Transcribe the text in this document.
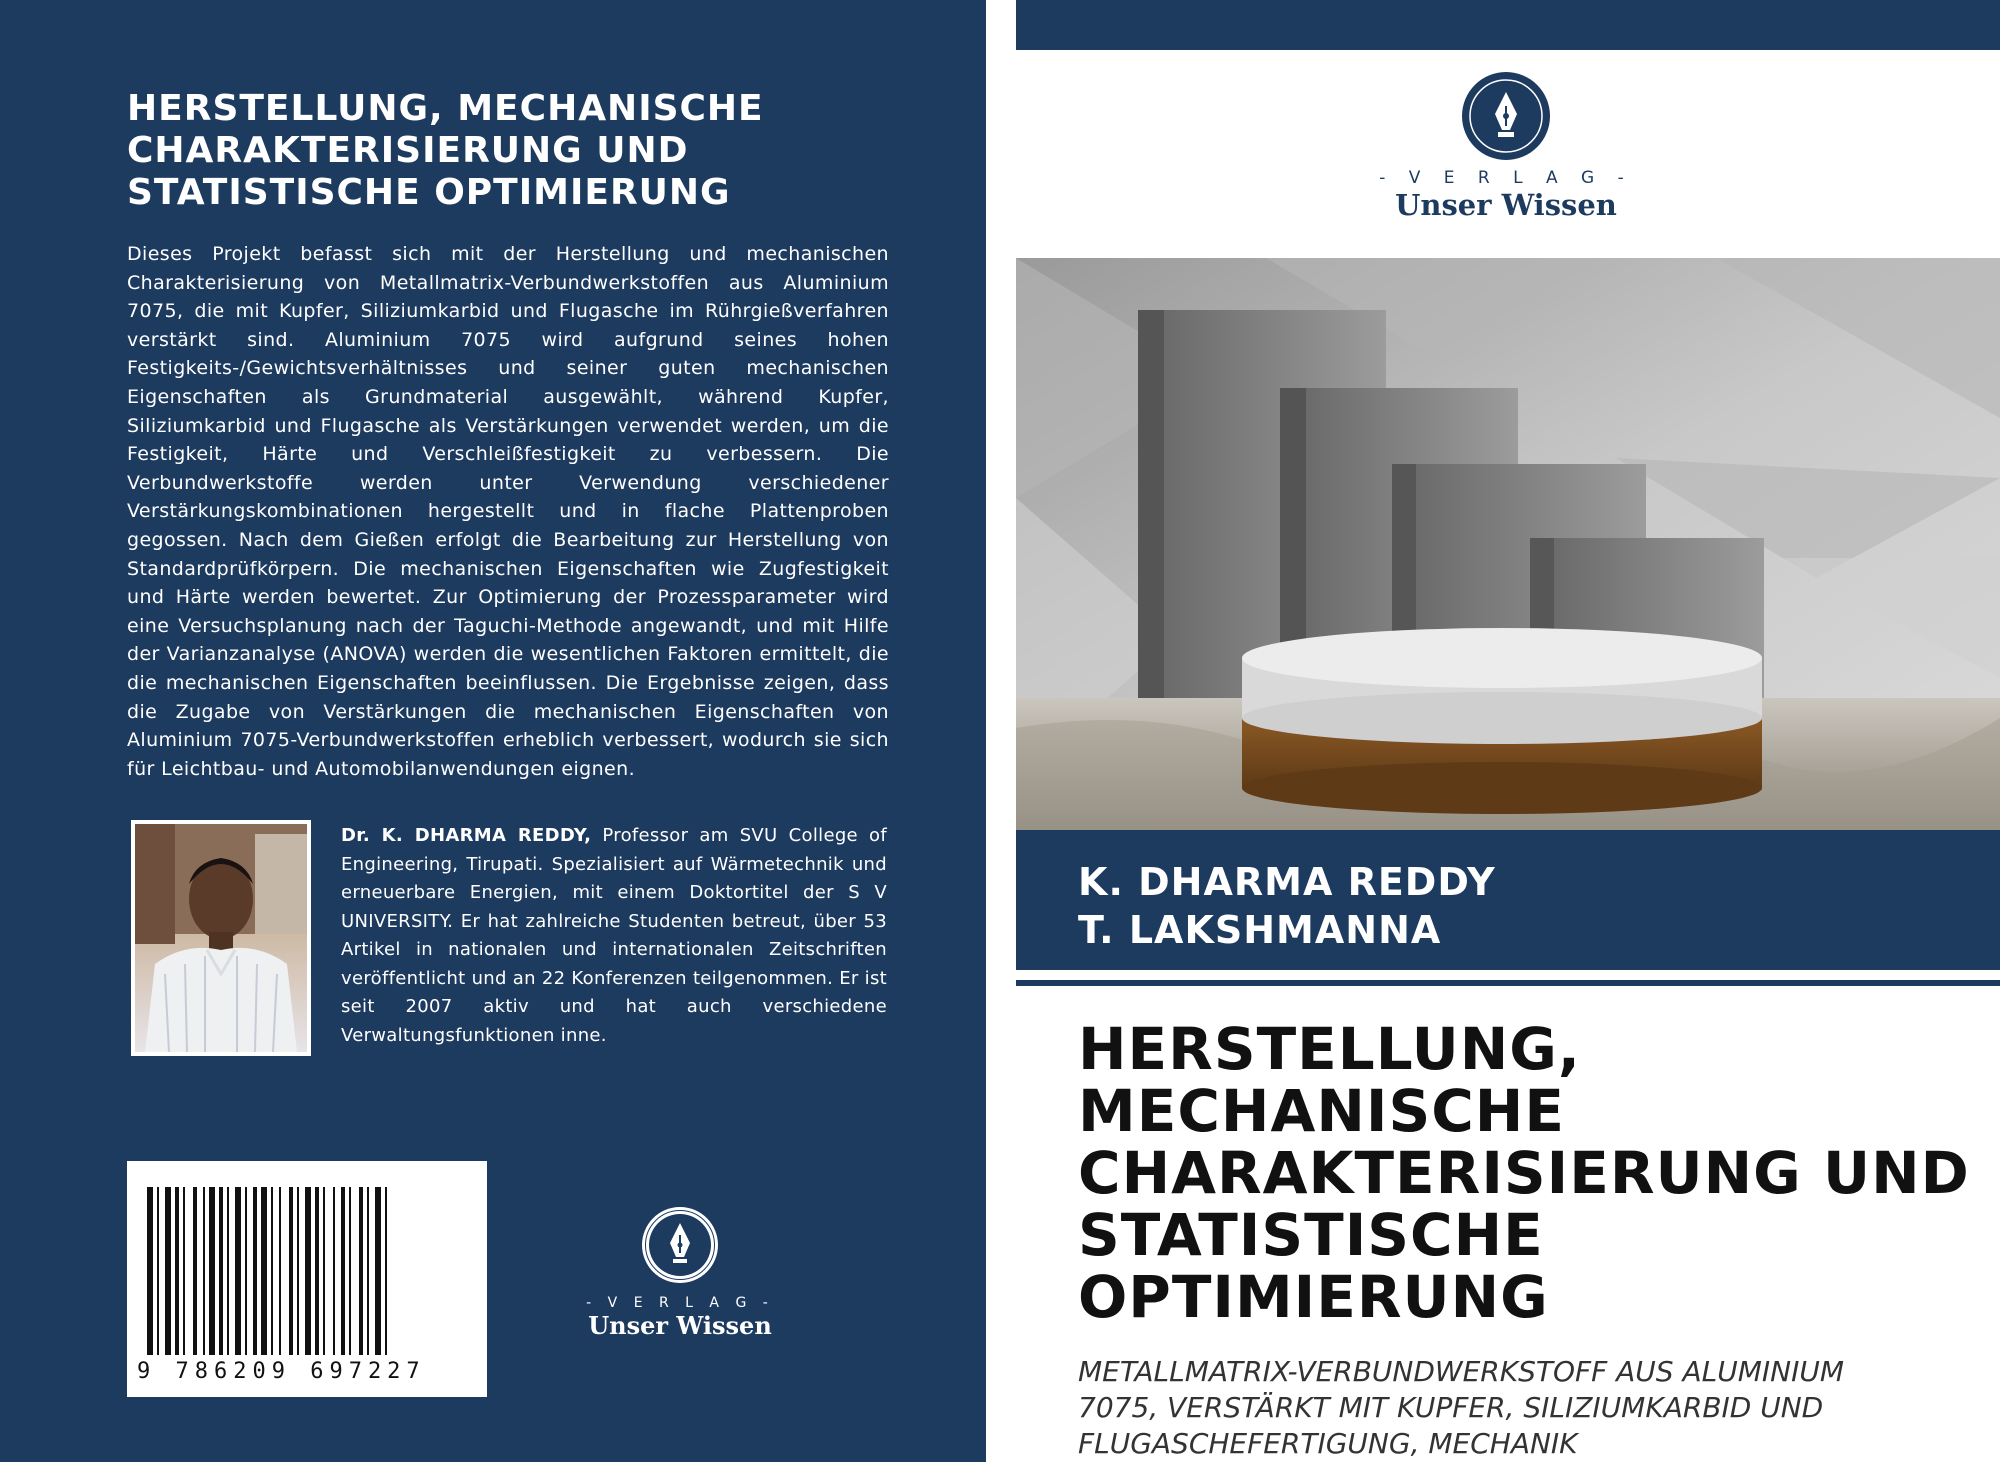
HERSTELLUNG, MECHANISCHE
CHARAKTERISIERUNG UND
STATISTISCHE OPTIMIERUNG
Dieses Projekt befasst sich mit der Herstellung und mechanischen Charakterisierung von Metallmatrix-Verbundwerkstoffen aus Aluminium 7075, die mit Kupfer, Siliziumkarbid und Flugasche im Rührgießverfahren verstärkt sind. Aluminium 7075 wird aufgrund seines hohen Festigkeits-/Gewichtsverhältnisses und seiner guten mechanischen Eigenschaften als Grundmaterial ausgewählt, während Kupfer, Siliziumkarbid und Flugasche als Verstärkungen verwendet werden, um die Festigkeit, Härte und Verschleißfestigkeit zu verbessern. Die Verbundwerkstoffe werden unter Verwendung verschiedener Verstärkungskombinationen hergestellt und in flache Plattenproben gegossen. Nach dem Gießen erfolgt die Bearbeitung zur Herstellung von Standardprüfkörpern. Die mechanischen Eigenschaften wie Zugfestigkeit und Härte werden bewertet. Zur Optimierung der Prozessparameter wird eine Versuchsplanung nach der Taguchi-Methode angewandt, und mit Hilfe der Varianzanalyse (ANOVA) werden die wesentlichen Faktoren ermittelt, die die mechanischen Eigenschaften beeinflussen. Die Ergebnisse zeigen, dass die Zugabe von Verstärkungen die mechanischen Eigenschaften von Aluminium 7075-Verbundwerkstoffen erheblich verbessert, wodurch sie sich für Leichtbau- und Automobilanwendungen eignen.
Dr. K. DHARMA REDDY, Professor am SVU College of Engineering, Tirupati. Spezialisiert auf Wärmetechnik und erneuerbare Energien, mit einem Doktortitel der S V UNIVERSITY. Er hat zahlreiche Studenten betreut, über 53 Artikel in nationalen und internationalen Zeitschriften veröffentlicht und an 22 Konferenzen teilgenommen. Er ist seit 2007 aktiv und hat auch verschiedene Verwaltungsfunktionen inne.
9 786209 697227
- V E R L A G -
Unser Wissen
- V E R L A G -
Unser Wissen
K. DHARMA REDDY
T. LAKSHMANNA
HERSTELLUNG,
MECHANISCHE
CHARAKTERISIERUNG UND
STATISTISCHE
OPTIMIERUNG
METALLMATRIX-VERBUNDWERKSTOFF AUS ALUMINIUM
7075, VERSTÄRKT MIT KUPFER, SILIZIUMKARBID UND
FLUGASCHEFERTIGUNG, MECHANIK
